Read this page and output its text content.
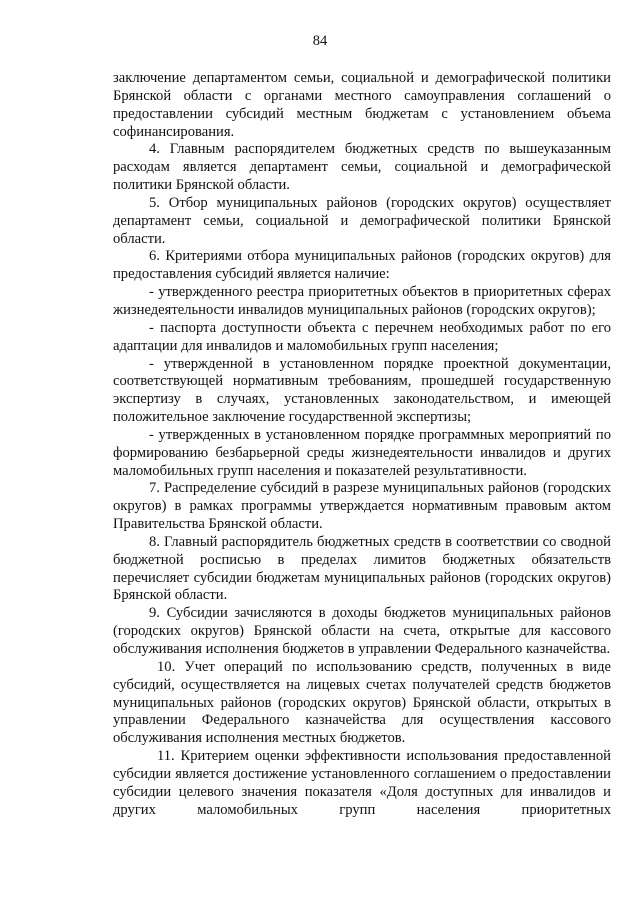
84

заключение департаментом семьи, социальной и демографической политики Брянской области с органами местного самоуправления соглашений о предоставлении субсидий местным бюджетам с установлением объема софинансирования.

4. Главным распорядителем бюджетных средств по вышеуказанным расходам является департамент семьи, социальной и демографической политики Брянской области.

5. Отбор муниципальных районов (городских округов) осуществляет департамент семьи, социальной и демографической политики Брянской области.

6. Критериями отбора муниципальных районов (городских округов) для предоставления субсидий является наличие:

- утвержденного реестра приоритетных объектов в приоритетных сферах жизнедеятельности инвалидов муниципальных районов (городских округов);

- паспорта доступности объекта с перечнем необходимых работ по его адаптации для инвалидов и маломобильных групп населения;

- утвержденной в установленном порядке проектной документации, соответствующей нормативным требованиям, прошедшей государственную экспертизу в случаях, установленных законодательством, и имеющей положительное заключение государственной экспертизы;

- утвержденных в установленном порядке программных мероприятий по формированию безбарьерной среды жизнедеятельности инвалидов и других маломобильных групп населения и показателей результативности.

7. Распределение субсидий в разрезе муниципальных районов (городских округов) в рамках программы утверждается нормативным правовым актом Правительства Брянской области.

8. Главный распорядитель бюджетных средств в соответствии со сводной бюджетной росписью в пределах лимитов бюджетных обязательств перечисляет субсидии бюджетам муниципальных районов (городских округов) Брянской области.

9. Субсидии зачисляются в доходы бюджетов муниципальных районов (городских округов) Брянской области на счета, открытые для кассового обслуживания исполнения бюджетов в управлении Федерального казначейства.

10. Учет операций по использованию средств, полученных в виде субсидий, осуществляется на лицевых счетах получателей средств бюджетов муниципальных районов (городских округов) Брянской области, открытых в управлении Федерального казначейства для осуществления кассового обслуживания исполнения местных бюджетов.

11. Критерием оценки эффективности использования предоставленной субсидии является достижение установленного соглашением о предоставлении субсидии целевого значения показателя «Доля доступных для инвалидов и других маломобильных групп населения приоритетных
